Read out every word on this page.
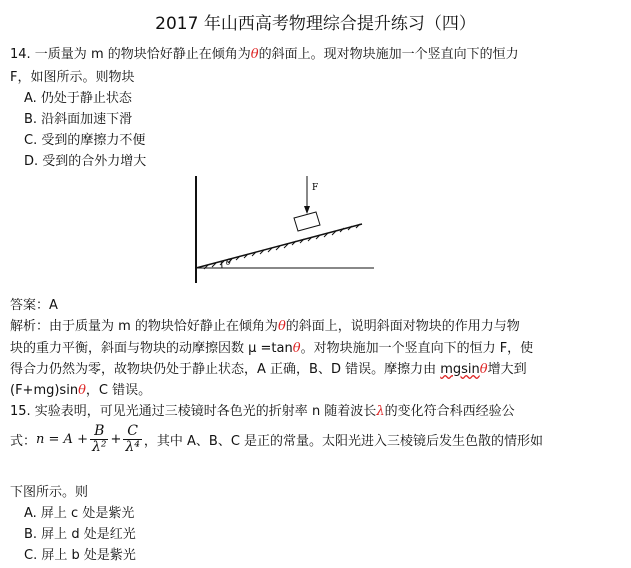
2017 年山西高考物理综合提升练习（四）
14. 一质量为 m 的物块恰好静止在倾角为θ的斜面上。现对物块施加一个竖直向下的恒力
F，如图所示。则物块
A. 仍处于静止状态
B. 沿斜面加速下滑
C. 受到的摩擦力不便
D. 受到的合外力增大
F
θ
答案：A
解析：由于质量为 m 的物块恰好静止在倾角为θ的斜面上，说明斜面对物块的作用力与物
块的重力平衡，斜面与物块的动摩擦因数 μ =tanθ。对物块施加一个竖直向下的恒力 F，使
得合力仍然为零，故物块仍处于静止状态，A 正确，B、D 错误。摩擦力由 mgsinθ增大到
(F+mg)sinθ，C 错误。
15. 实验表明，可见光通过三棱镜时各色光的折射率 n 随着波长λ的变化符合科西经验公
式： $n = A + \frac{B}{\text{λ²}} + \frac{C}{\text{λ⁴}}$ ，其中 A、B、C 是正的常量。太阳光进入三棱镜后发生色散的情形如
下图所示。则
A. 屏上 c 处是紫光
B. 屏上 d 处是红光
C. 屏上 b 处是紫光
